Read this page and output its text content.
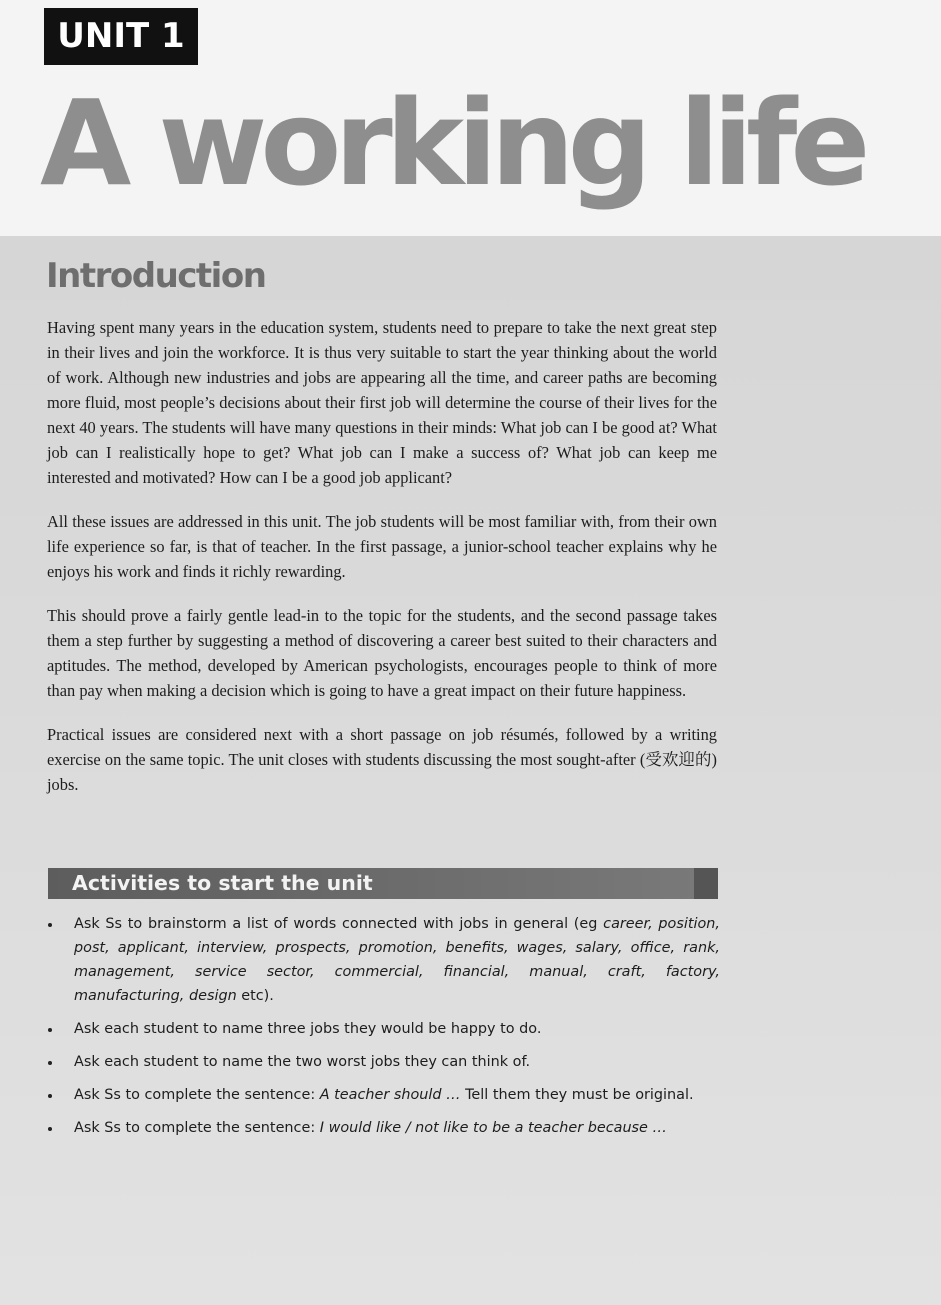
UNIT 1
A working life
Introduction

Having spent many years in the education system, students need to prepare to take the next great step in their lives and join the workforce. It is thus very suitable to start the year thinking about the world of work. Although new industries and jobs are appearing all the time, and career paths are becoming more fluid, most people’s decisions about their first job will determine the course of their lives for the next 40 years. The students will have many questions in their minds: What job can I be good at? What job can I realistically hope to get? What job can I make a success of? What job can keep me interested and motivated? How can I be a good job applicant?

All these issues are addressed in this unit. The job students will be most familiar with, from their own life experience so far, is that of teacher. In the first passage, a junior-school teacher explains why he enjoys his work and finds it richly rewarding.

This should prove a fairly gentle lead-in to the topic for the students, and the second passage takes them a step further by suggesting a method of discovering a career best suited to their characters and aptitudes. The method, developed by American psychologists, encourages people to think of more than pay when making a decision which is going to have a great impact on their future happiness.

Practical issues are considered next with a short passage on job résumés, followed by a writing exercise on the same topic. The unit closes with students discussing the most sought-after (受欢迎的) jobs.

Activities to start the unit
Ask Ss to brainstorm a list of words connected with jobs in general (eg career, position, post, applicant, interview, prospects, promotion, benefits, wages, salary, office, rank, management, service sector, commercial, financial, manual, craft, factory, manufacturing, design etc).
Ask each student to name three jobs they would be happy to do.
Ask each student to name the two worst jobs they can think of.
Ask Ss to complete the sentence: A teacher should … Tell them they must be original.
Ask Ss to complete the sentence: I would like / not like to be a teacher because …
